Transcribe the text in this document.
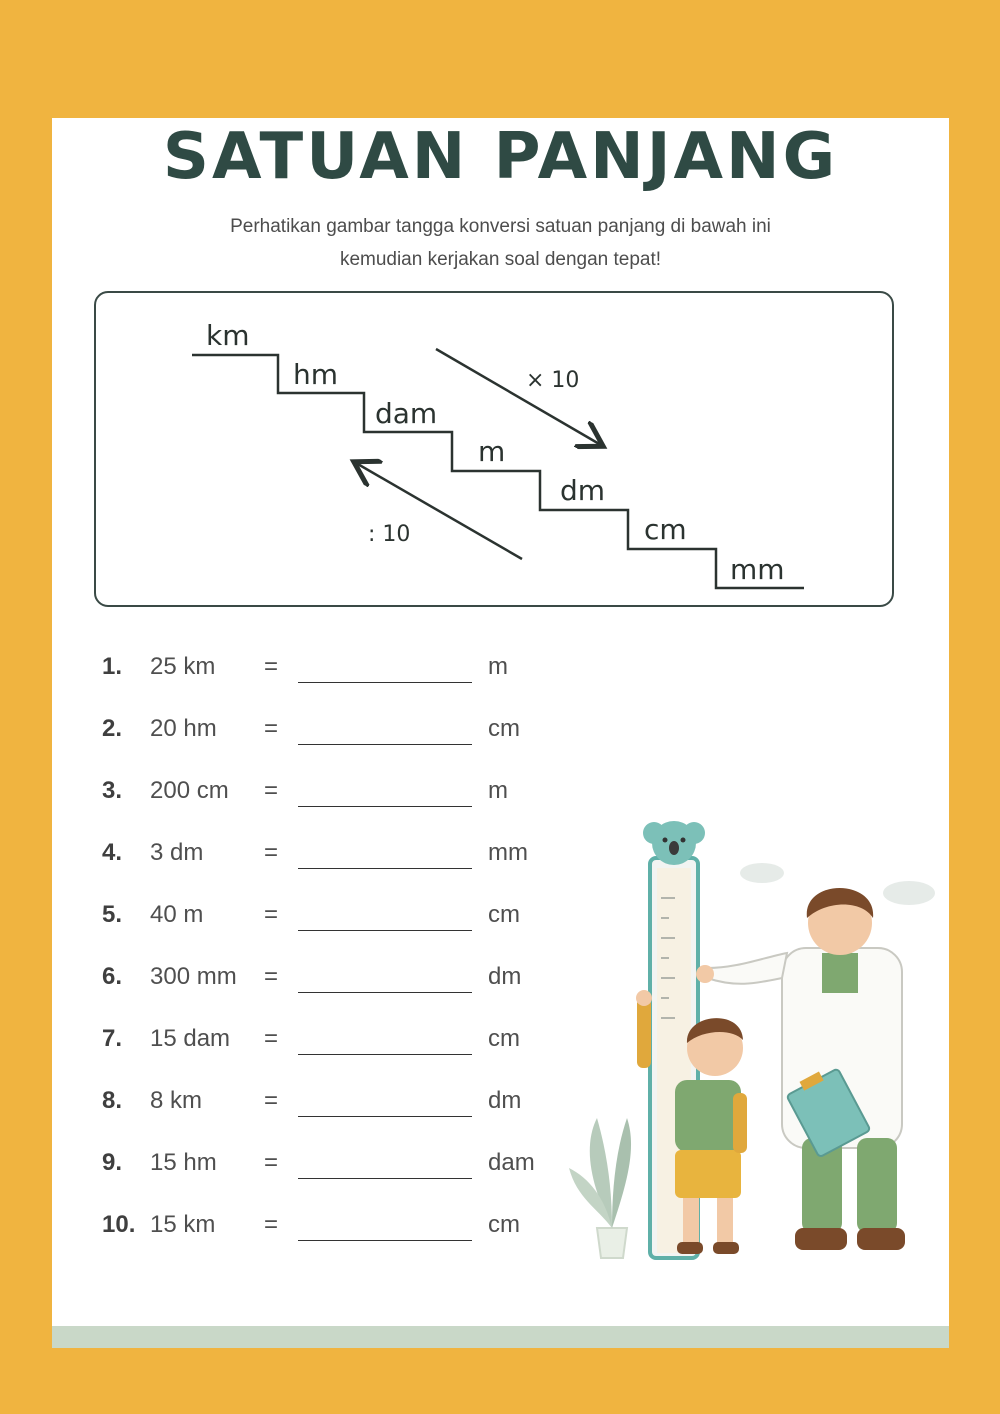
SATUAN PANJANG
Perhatikan gambar tangga konversi satuan panjang di bawah ini
kemudian kerjakan soal dengan tepat!
km
hm
dam
m
dm
cm
mm
× 10
: 10
1. 25 km =	m
2. 20 hm =	cm
3. 200 cm =	m
4. 3 dm	=	mm
5. 40 m	=	cm
6. 300 mm =	dm
7. 15 dam =	cm
8. 8 km	=	dm
9. 15 hm =	dam
10. 15 km =	cm
